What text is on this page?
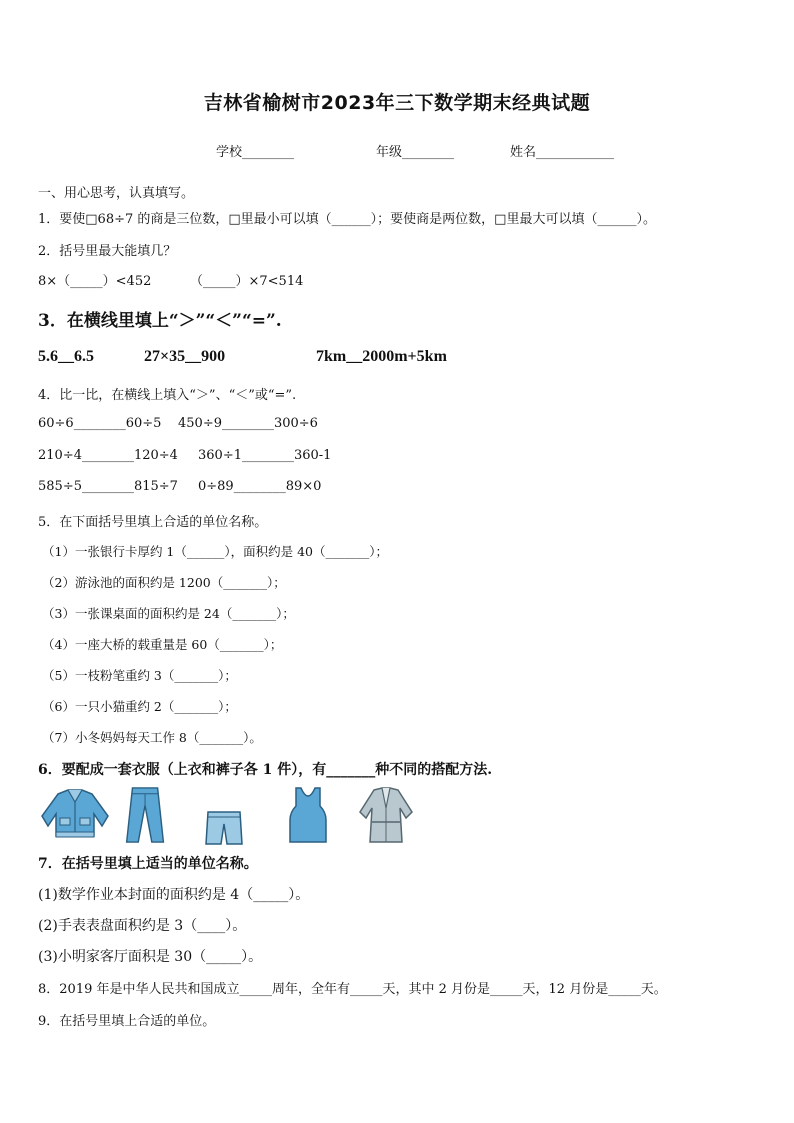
吉林省榆树市2023年三下数学期末经典试题
学校________	年级________	姓名____________
一、用心思考，认真填写。
1．要使□68÷7 的商是三位数，□里最小可以填（______）；要使商是两位数，□里最大可以填（______）。
2．括号里最大能填几？
8×（_____）<452	（_____）×7<514
3．在横线里填上“＞”“＜”“=”.
5.6__6.5	27×35__900	7km__2000m+5km
4．比一比，在横线上填入“＞”、“＜”或“=”.
60÷6________60÷5 450÷9________300÷6
210÷4________120÷4 360÷1________360-1
585÷5________815÷7 0÷89________89×0
5．在下面括号里填上合适的单位名称。
（1）一张银行卡厚约 1（______），面积约是 40（_______）；
（2）游泳池的面积约是 1200（_______）；
（3）一张课桌面的面积约是 24（_______）；
（4）一座大桥的载重量是 60（_______）；
（5）一枝粉笔重约 3（_______）；
（6）一只小猫重约 2（_______）；
（7）小冬妈妈每天工作 8（_______）。
6．要配成一套衣服（上衣和裤子各 1 件），有_______种不同的搭配方法.
7．在括号里填上适当的单位名称。
(1)数学作业本封面的面积约是 4（_____）。
(2)手表表盘面积约是 3（____）。
(3)小明家客厅面积是 30（_____）。
8．2019 年是中华人民共和国成立_____周年，全年有_____天，其中 2 月份是_____天，12 月份是_____天。
9．在括号里填上合适的单位。
